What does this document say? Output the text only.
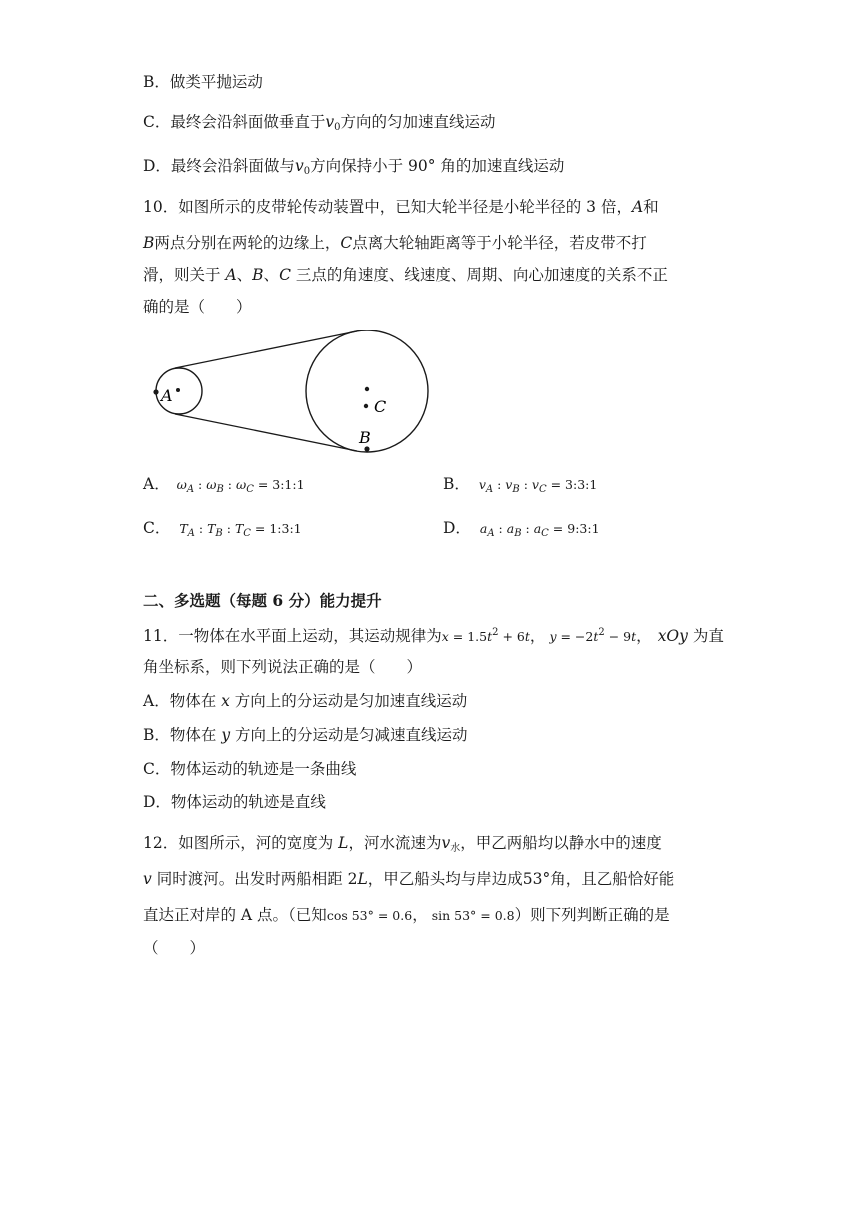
B．做类平抛运动
C．最终会沿斜面做垂直于$v_0$方向的匀加速直线运动
D．最终会沿斜面做与$v_0$方向保持小于 90° 角的加速直线运动
10．如图所示的皮带轮传动装置中，已知大轮半径是小轮半径的 3 倍，A和
B两点分别在两轮的边缘上，C点离大轮轴距离等于小轮半径，若皮带不打
滑，则关于 A、B、C 三点的角速度、线速度、周期、向心加速度的关系不正
确的是（　　）
A
C
B
A． $\omega_A$ : $\omega_B$ : $\omega_C$ = 3:1:1	B． $v_A$ : $v_B$ : $v_C$ = 3:3:1
C． $T_A$ : $T_B$ : $T_C$ = 1:3:1	D． $a_A$ : $a_B$ : $a_C$ = 9:3:1
二、多选题（每题 6 分）能力提升
11．一物体在水平面上运动，其运动规律为$x = 1.5t^2 + 6t$， $y = -2t^2 - 9t$， xOy 为直
角坐标系，则下列说法正确的是（　　）
A．物体在 x 方向上的分运动是匀加速直线运动
B．物体在 y 方向上的分运动是匀减速直线运动
C．物体运动的轨迹是一条曲线
D．物体运动的轨迹是直线
12．如图所示，河的宽度为 L，河水流速为$v_水$，甲乙两船均以静水中的速度
v 同时渡河。出发时两船相距 2L，甲乙船头均与岸边成53°角，且乙船恰好能
直达正对岸的 A 点。（已知cos 53° = 0.6， sin 53° = 0.8）则下列判断正确的是
（　　）
